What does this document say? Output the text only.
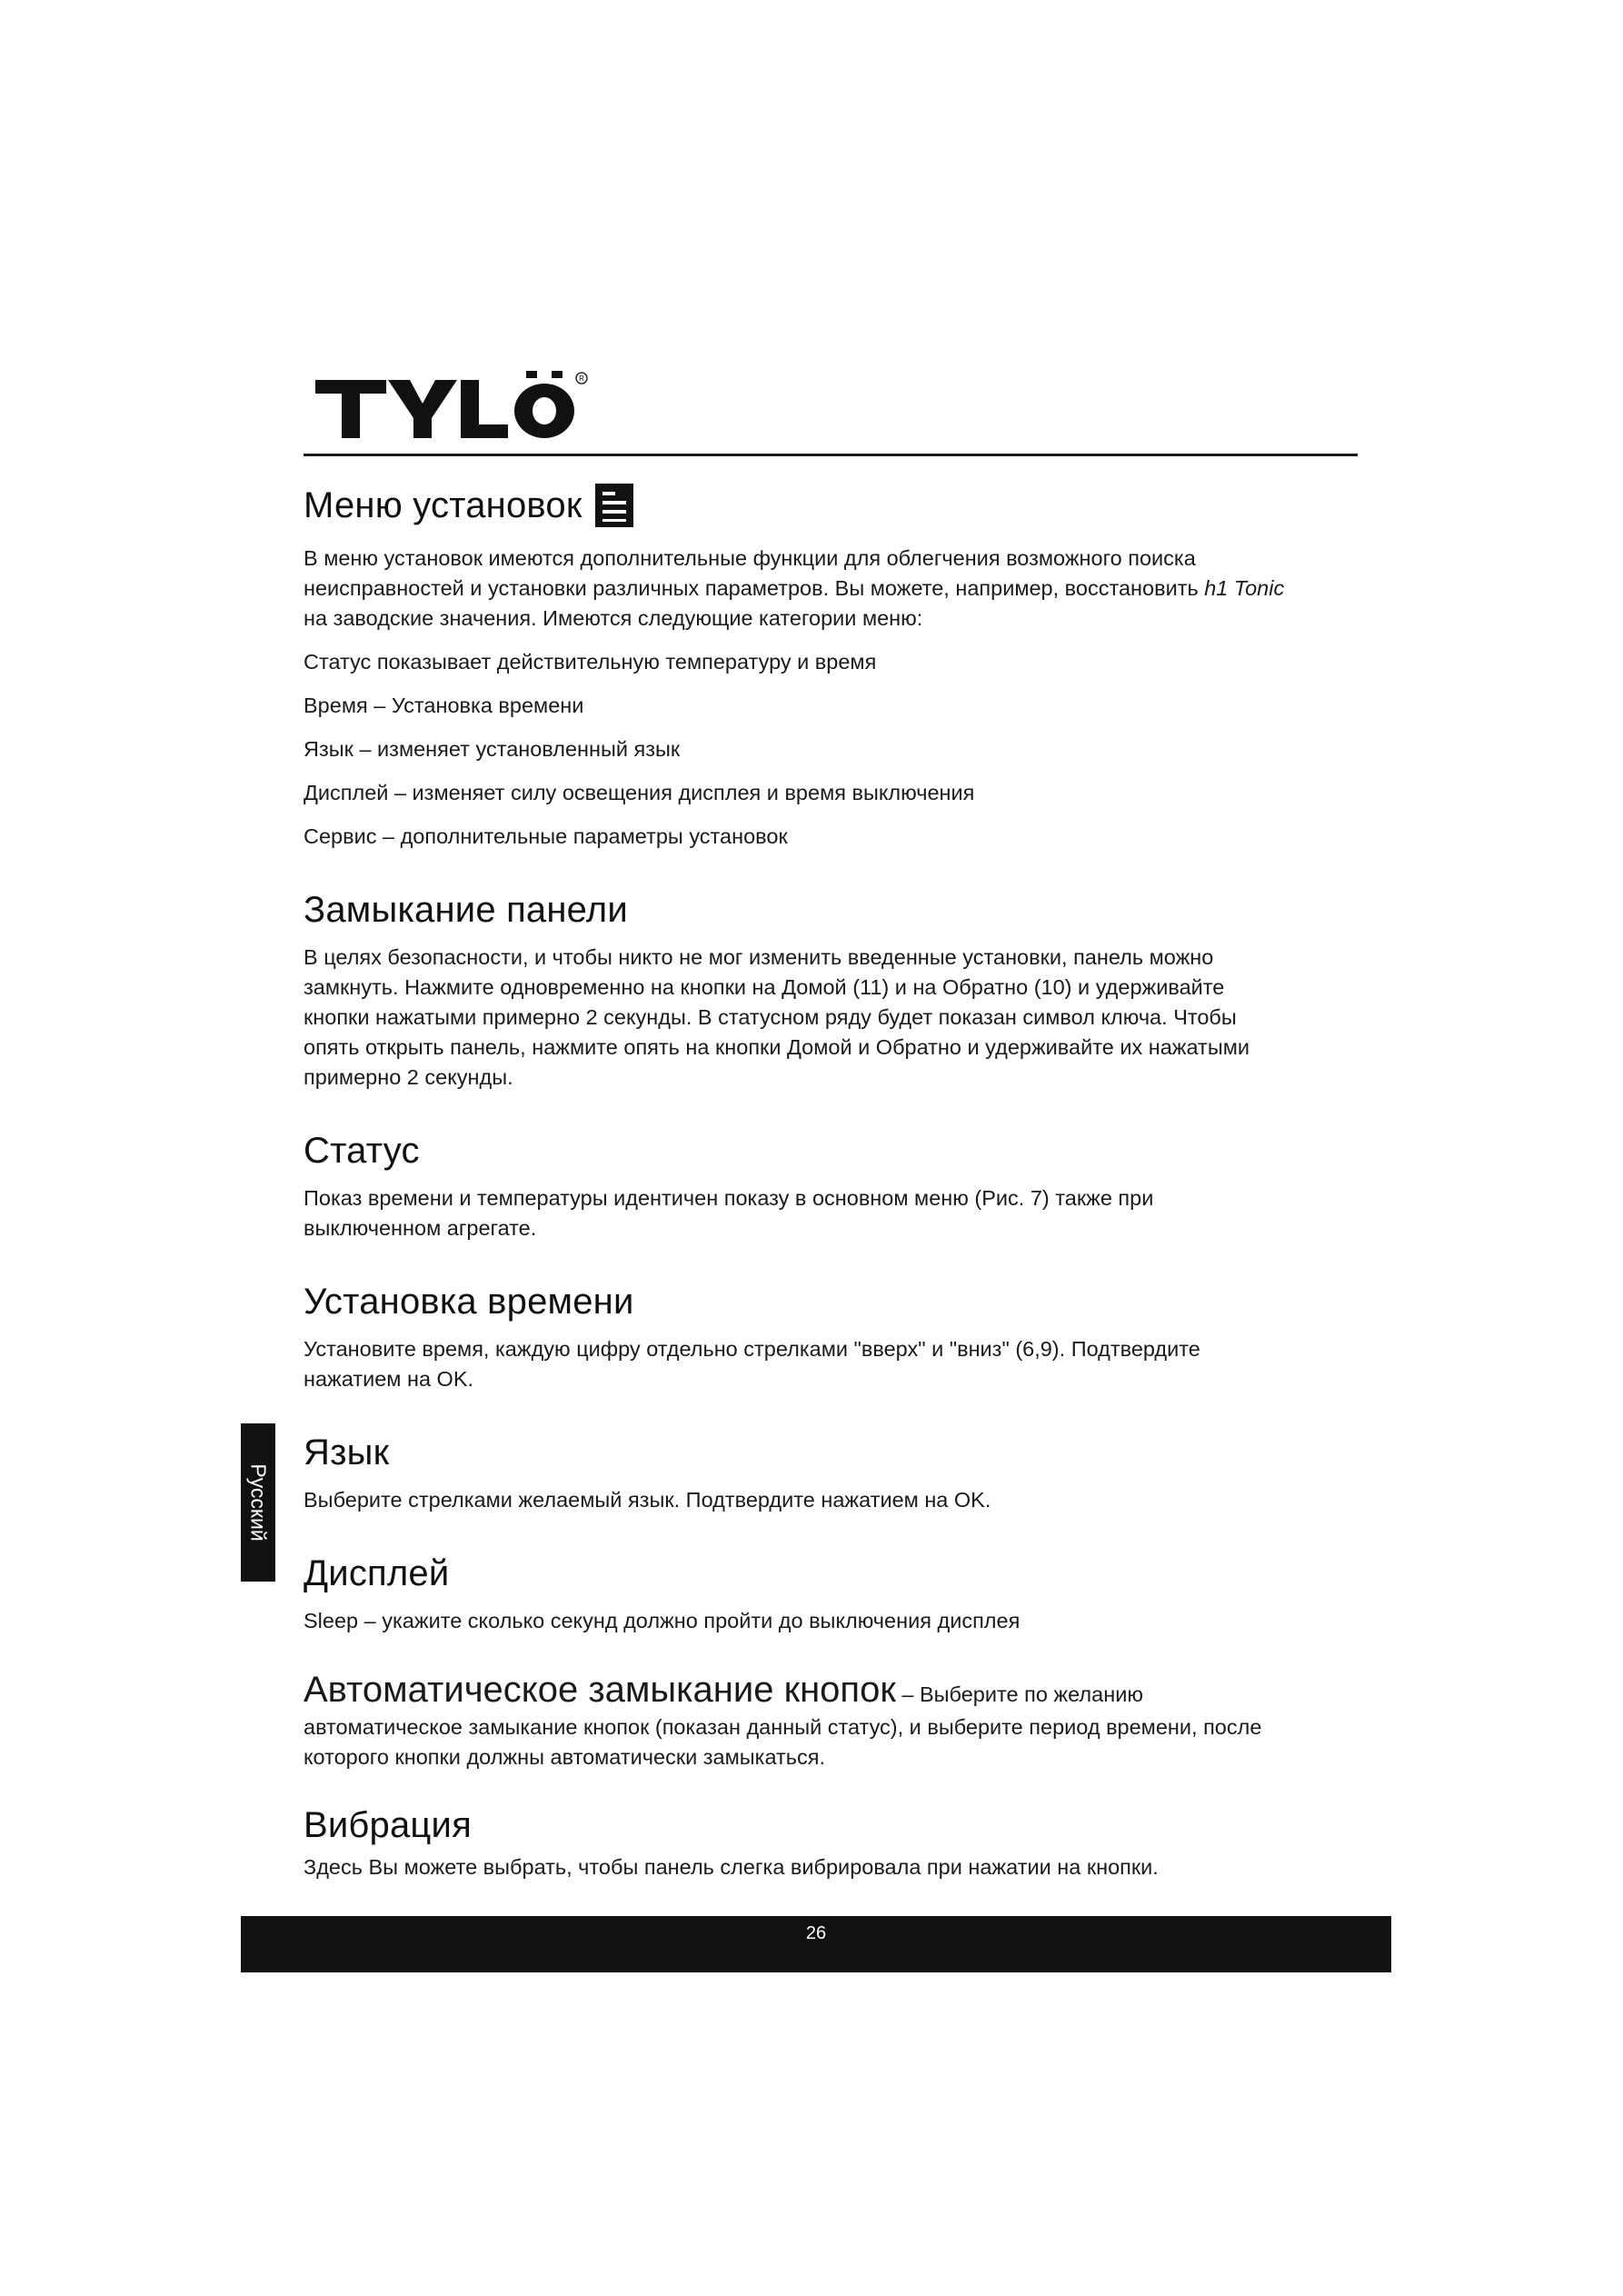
R
Меню установок

В меню установок имеются дополнительные функции для облегчения возможного поиска неисправностей и установки различных параметров. Вы можете, например, восстановить h1 Tonic на заводские значения. Имеются следующие категории меню:

Статус показывает действительную температуру и время

Время – Установка времени

Язык – изменяет установленный язык

Дисплей – изменяет силу освещения дисплея и время выключения

Сервис – дополнительные параметры установок

Замыкание панели

В целях безопасности, и чтобы никто не мог изменить введенные установки, панель можно замкнуть. Нажмите одновременно на кнопки на Домой (11) и на Обратно (10) и удерживайте кнопки нажатыми примерно 2 секунды. В статусном ряду будет показан символ ключа. Чтобы опять открыть панель, нажмите опять на кнопки Домой и Обратно и удерживайте их нажатыми примерно 2 секунды.

Статус

Показ времени и температуры идентичен показу в основном меню (Рис. 7) также при выключенном агрегате.

Установка времени

Установите время, каждую цифру отдельно стрелками "вверх" и "вниз" (6,9). Подтвердите нажатием на OK.

Язык

Выберите стрелками желаемый язык. Подтвердите нажатием на OK.

Дисплей

Sleep – укажите сколько секунд должно пройти до выключения дисплея

Автоматическое замыкание кнопок – Выберите по желанию автоматическое замыкание кнопок (показан данный статус), и выберите период времени, после которого кнопки должны автоматически замыкаться.

Вибрация

Здесь Вы можете выбрать, чтобы панель слегка вибрировала при нажатии на кнопки.

Русский
26
